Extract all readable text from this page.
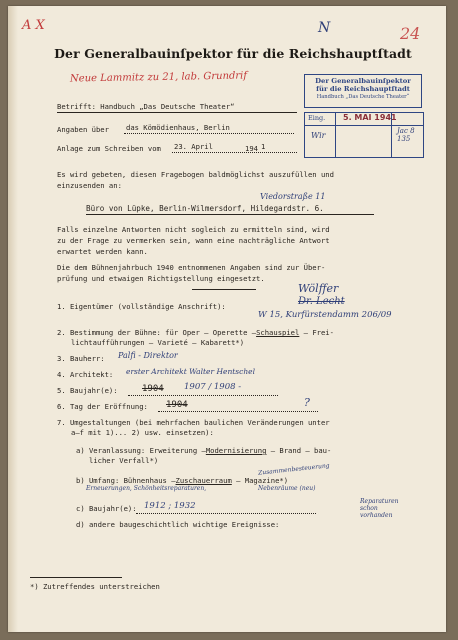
A X	24
N
Der Generalbauinſpektor für die Reichshauptſtadt
Neue Lammitz zu 21, lab. Grundrif	Der Generalbauinſpektor
für die Reichshauptſtadt
Handbuch „Das Deutsche Theater“
Eing. 5. MAI 1941
Wir	Jac 8 135
Betrifft: Handbuch „Das Deutsche Theater“
Angaben über das Kömödienhaus, Berlin
Anlage zum Schreiben vom 23. April	194 1
Es wird gebeten, diesen Fragebogen baldmöglichst auszufüllen und
einzusenden an:
Viedorstraße 11
Büro von Lüpke, Berlin-Wilmersdorf, Hildegardstr. 6.
Falls einzelne Antworten nicht sogleich zu ermitteln sind, wird
zu der Frage zu vermerken sein, wann eine nachträgliche Antwort
erwartet werden kann.
Die dem Bühnenjahrbuch 1940 entnommenen Angaben sind zur Über-
prüfung und etwaigen Richtigstellung eingesetzt.
Wölffer
1. Eigentümer (vollständige Anschrift):	Dr. Lecht
W 15, Kurfürstendamm 206/09
2. Bestimmung der Bühne: für Oper — Operette —Schauspiel — Frei-
lichtaufführungen — Varieté — Kabarett*)
3. Bauherr: Palfi - Direktor
4. Architekt: erster Architekt Walter Hentschel
5. Baujahr(e):	1904 1907 / 1908 -
6. Tag der Eröffnung: 1904	?
7. Umgestaltungen (bei mehrfachen baulichen Veränderungen unter
a—f mit 1)... 2) usw. einsetzen):
a) Veranlassung: Erweiterung —Modernisierung — Brand — bau-
licher Verfall*)
Zusammenbesteuerung
b) Umfang: Bühnenhaus —Zuschauerraum — Magazine*)
Erneuerungen, Schönheitsreparaturen,	Nebenräume (neu)
c) Baujahr(e): 1912 ; 1932	Reparaturen schon vorhanden
d) andere baugeschichtlich wichtige Ereignisse:
*) Zutreffendes unterstreichen
